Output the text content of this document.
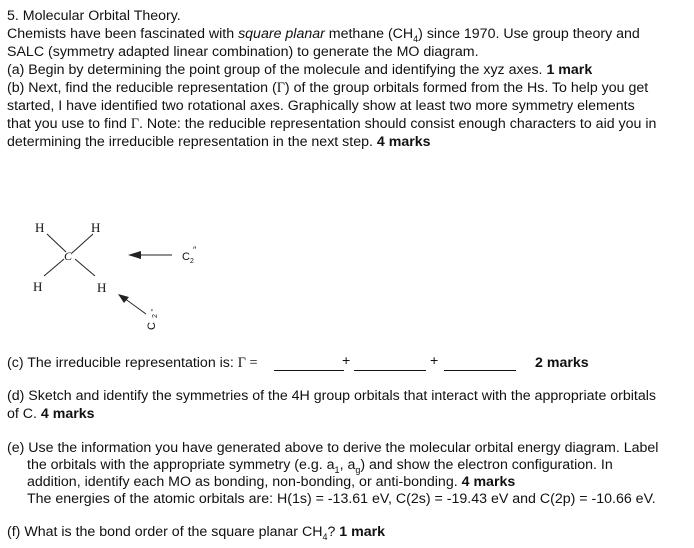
5. Molecular Orbital Theory.
Chemists have been fascinated with square planar methane $(CH_4)$ since 1970. Use group theory and
SALC (symmetry adapted linear combination) to generate the MO diagram.
(a) Begin by determining the point group of the molecule and identifying the xyz axes. 1 mark
(b) Next, find the reducible representation (Γ) of the group orbitals formed from the Hs. To help you get
started, I have identified two rotational axes. Graphically show at least two more symmetry elements
that you use to find Γ. Note: the reducible representation should consist enough characters to aid you in
determining the irreducible representation in the next step. 4 marks
H	H
H	H
C	C 2
″
C
2
'
(c) The irreducible representation is: Γ =	+	+	2 marks
(d) Sketch and identify the symmetries of the 4H group orbitals that interact with the appropriate orbitals
of C. 4 marks
(e) Use the information you have generated above to derive the molecular orbital energy diagram. Label
the orbitals with the appropriate symmetry (e.g. $a_1$, $a_g$) and show the electron configuration. In
addition, identify each MO as bonding, non-bonding, or anti-bonding. 4 marks
The energies of the atomic orbitals are: H(1s) = -13.61 eV, C(2s) = -19.43 eV and C(2p) = -10.66 eV.
(f) What is the bond order of the square planar $CH_4$? 1 mark
